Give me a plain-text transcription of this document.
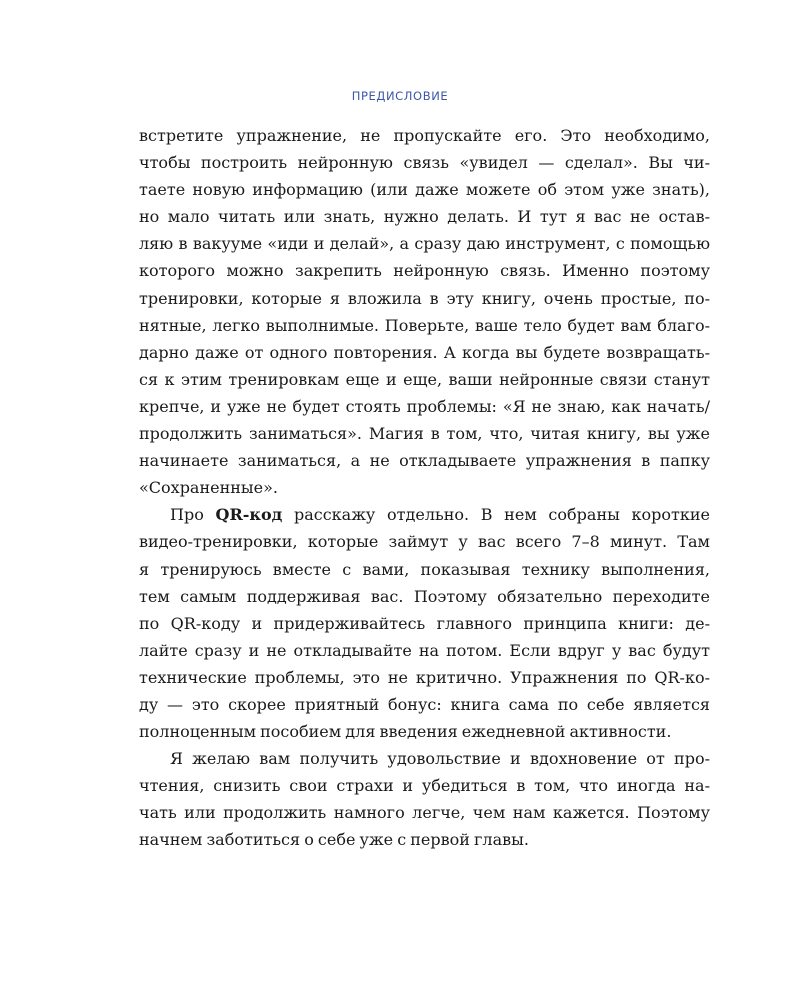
ПРЕДИСЛОВИЕ
встретите упражнение, не пропускайте его. Это необходимо,
чтобы построить нейронную связь «увидел — сделал». Вы чи-
таете новую информацию (или даже можете об этом уже знать),
но мало читать или знать, нужно делать. И тут я вас не остав-
ляю в вакууме «иди и делай», а сразу даю инструмент, с помощью
которого можно закрепить нейронную связь. Именно поэтому
тренировки, которые я вложила в эту книгу, очень простые, по-
нятные, легко выполнимые. Поверьте, ваше тело будет вам благо-
дарно даже от одного повторения. А когда вы будете возвращать-
ся к этим тренировкам еще и еще, ваши нейронные связи станут
крепче, и уже не будет стоять проблемы: «Я не знаю, как начать/
продолжить заниматься». Магия в том, что, читая книгу, вы уже
начинаете заниматься, а не откладываете упражнения в папку
«Сохраненные».
Про QR-код расскажу отдельно. В нем собраны короткие
видео-тренировки, которые займут у вас всего 7–8 минут. Там
я тренируюсь вместе с вами, показывая технику выполнения,
тем самым поддерживая вас. Поэтому обязательно переходите
по QR-коду и придерживайтесь главного принципа книги: де-
лайте сразу и не откладывайте на потом. Если вдруг у вас будут
технические проблемы, это не критично. Упражнения по QR-ко-
ду — это скорее приятный бонус: книга сама по себе является
полноценным пособием для введения ежедневной активности.
Я желаю вам получить удовольствие и вдохновение от про-
чтения, снизить свои страхи и убедиться в том, что иногда на-
чать или продолжить намного легче, чем нам кажется. Поэтому
начнем заботиться о себе уже с первой главы.
